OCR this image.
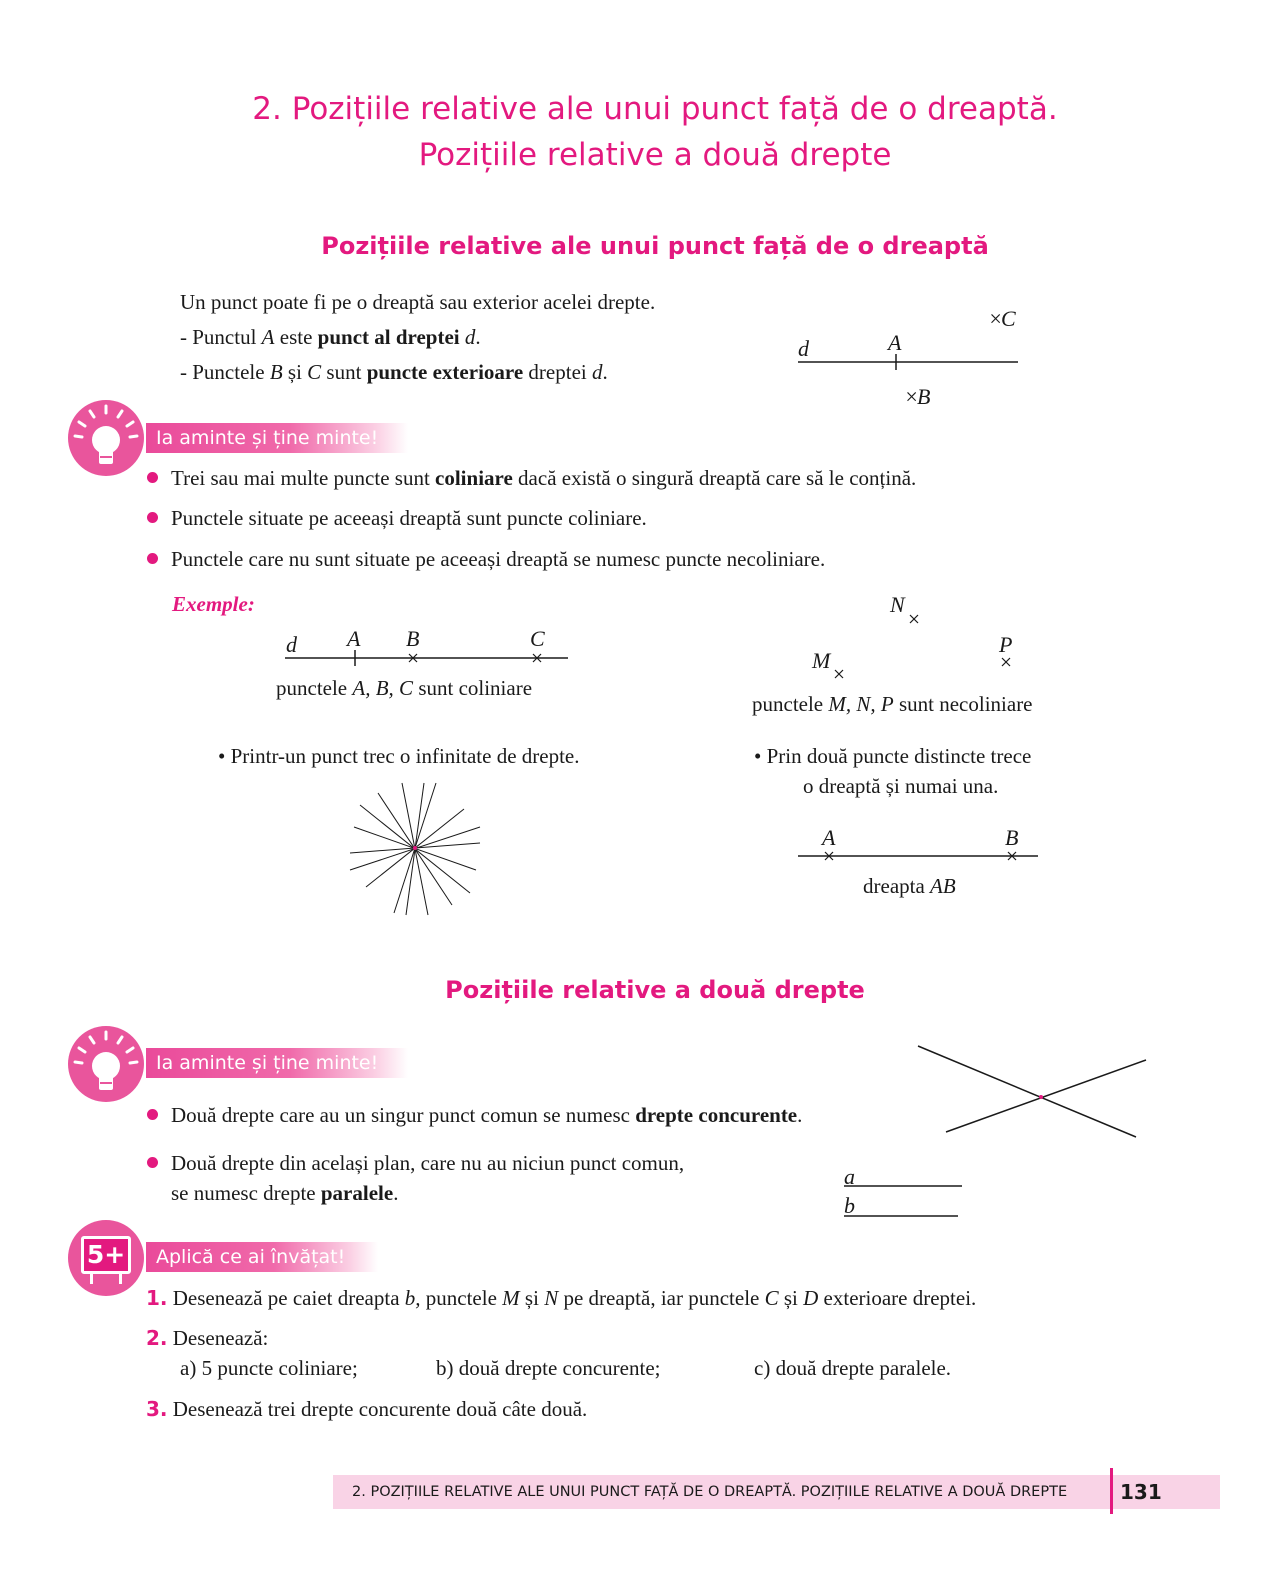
2. Pozițiile relative ale unui punct față de o dreaptă.
Pozițiile relative a două drepte
Pozițiile relative ale unui punct față de o dreaptă
Un punct poate fi pe o dreaptă sau exterior acelei drepte.
- Punctul A este punct al dreptei d.
- Punctele B și C sunt puncte exterioare dreptei d.
d	A
×
C
×
B
Ia aminte și ține minte!
Trei sau mai multe puncte sunt coliniare dacă există o singură dreaptă care să le conțină.
Punctele situate pe aceeași dreaptă sunt puncte coliniare.
Punctele care nu sunt situate pe aceeași dreaptă se numesc puncte necoliniare.
Exemple:
d A B	C
punctele A, B, C sunt coliniare
N
M
P
punctele M, N, P sunt necoliniare
• Printr-un punct trec o infinitate de drepte.	• Prin două puncte distincte trece
o dreaptă și numai una.
A	B
dreapta AB
Pozițiile relative a două drepte
Ia aminte și ține minte!
Două drepte care au un singur punct comun se numesc drepte concurente.
Două drepte din același plan, care nu au niciun punct comun,
se numesc drepte paralele.
a
b
5+	Aplică ce ai învățat!
1. Desenează pe caiet dreapta b, punctele M și N pe dreaptă, iar punctele C și D exterioare dreptei.
2. Desenează:
a) 5 puncte coliniare;	b) două drepte concurente;	c) două drepte paralele.
3. Desenează trei drepte concurente două câte două.
2. POZIȚIILE RELATIVE ALE UNUI PUNCT FAȚĂ DE O DREAPTĂ. POZIȚIILE RELATIVE A DOUĂ DREPTE	131
